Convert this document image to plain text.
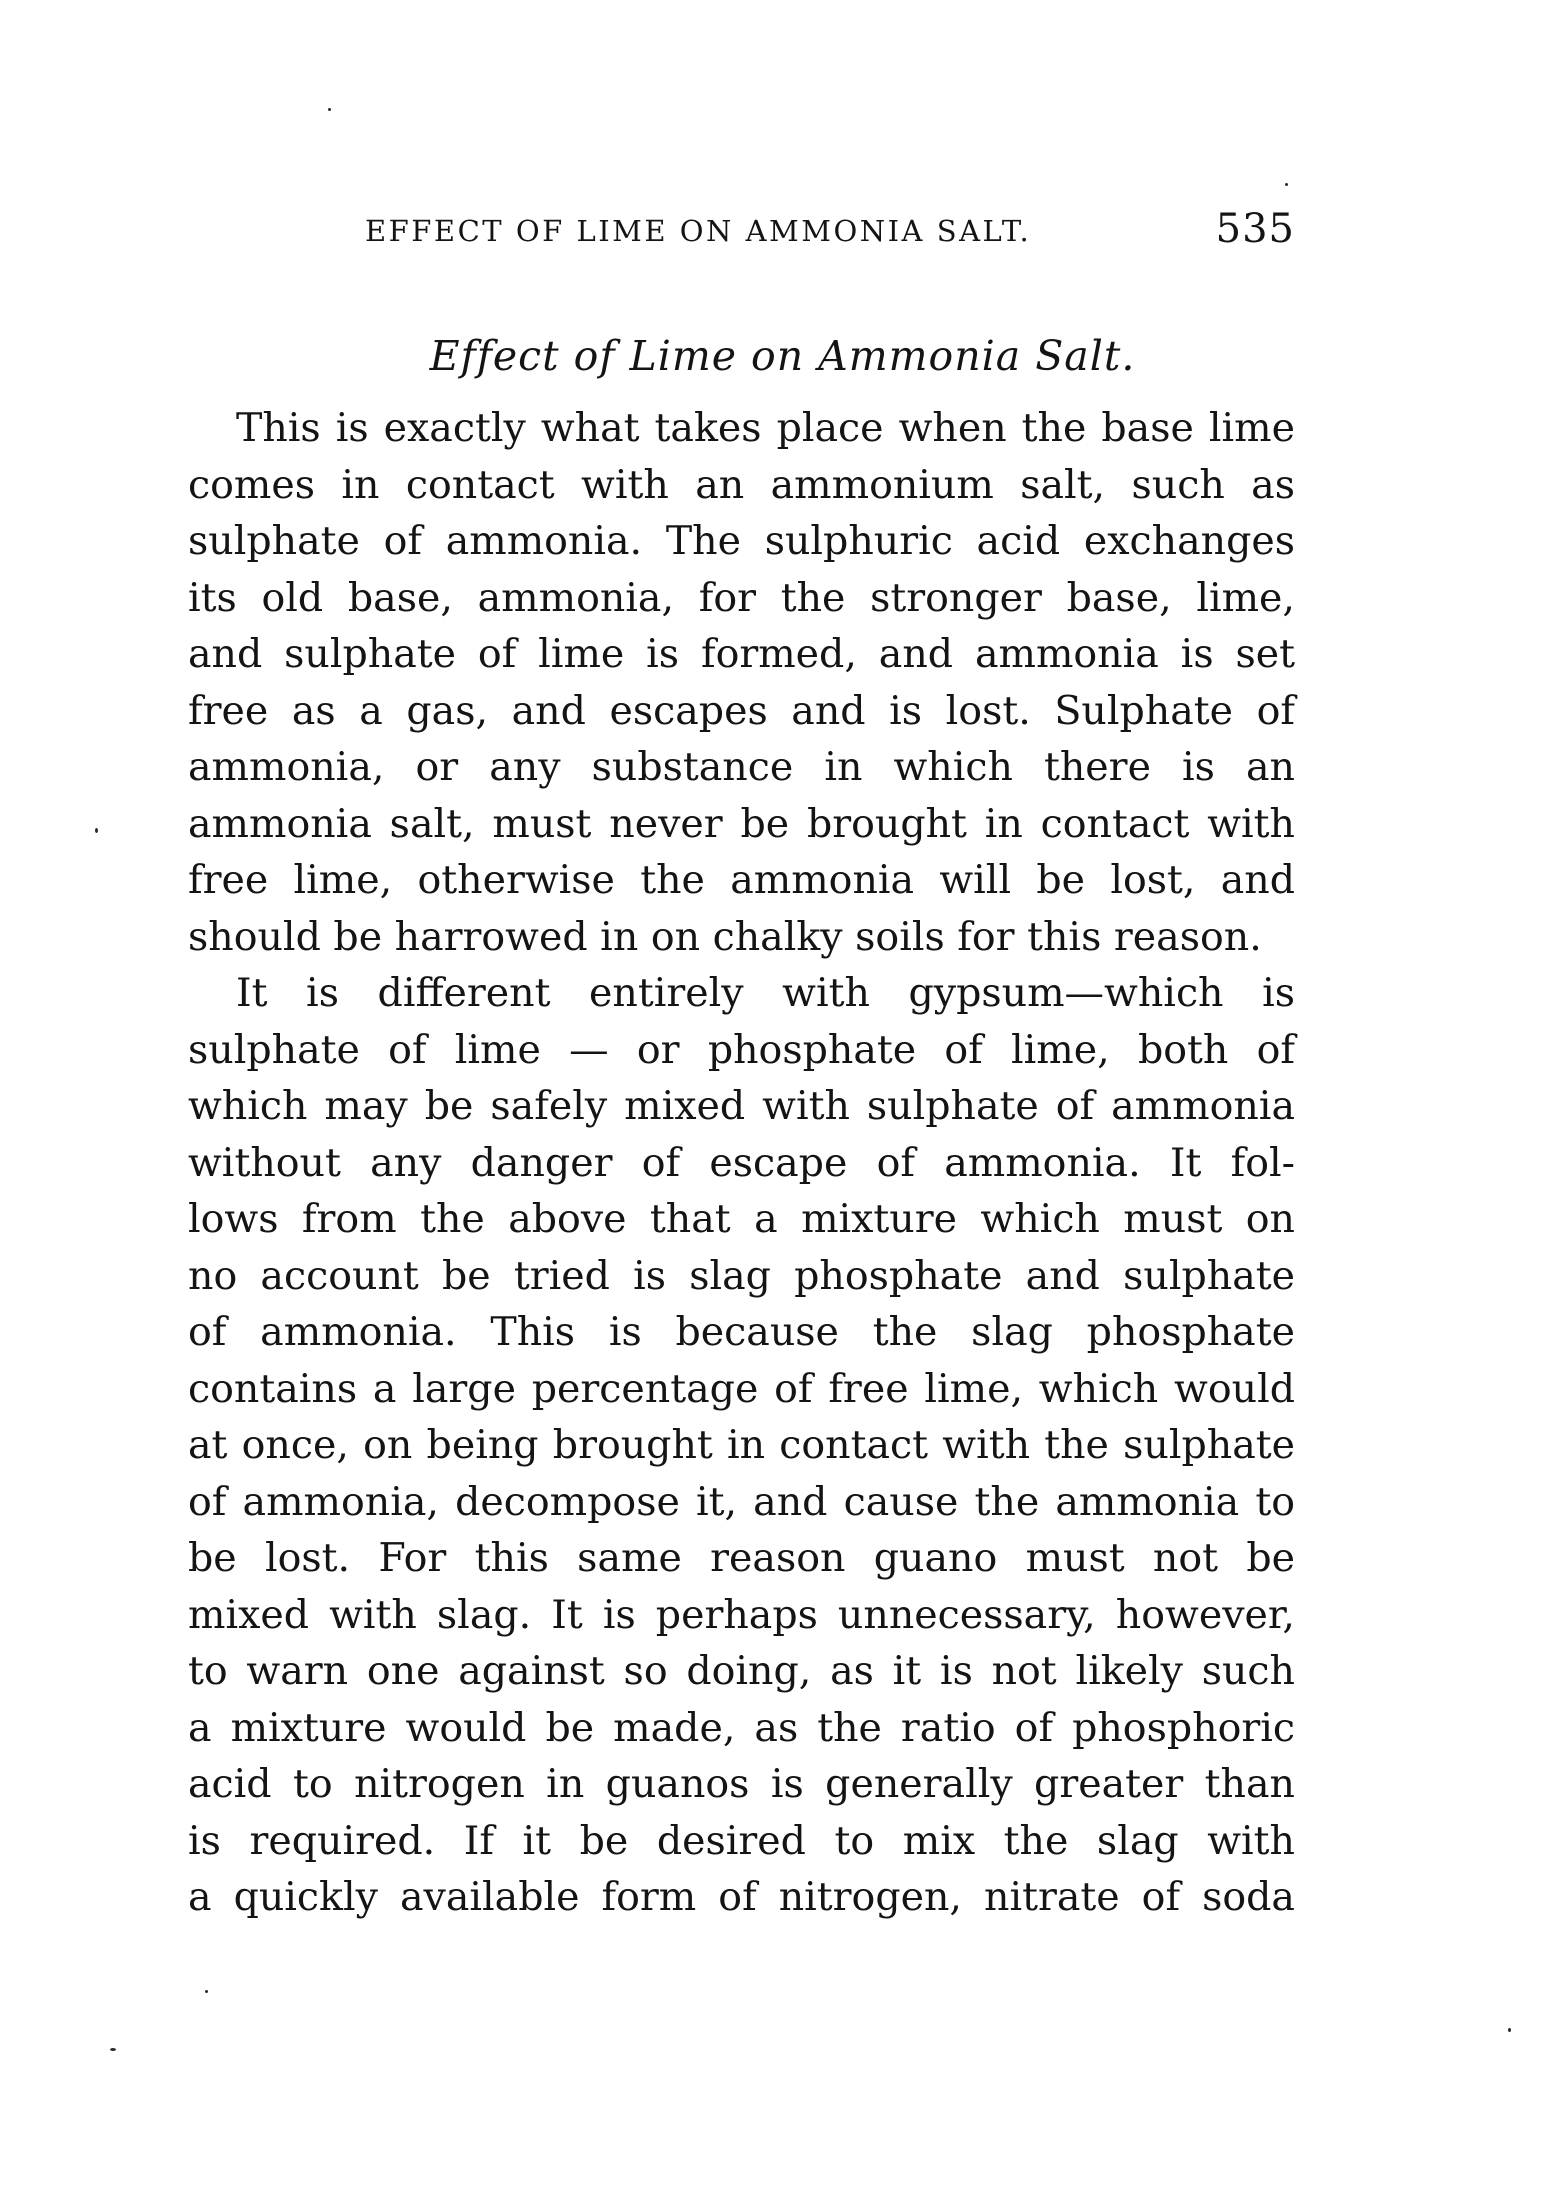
EFFECT OF LIME ON AMMONIA SALT.	535
Effect of Lime on Ammonia Salt.
This is exactly what takes place when the base lime
comes in contact with an ammonium salt, such as
sulphate of ammonia. The sulphuric acid exchanges
its old base, ammonia, for the stronger base, lime,
and sulphate of lime is formed, and ammonia is set
free as a gas, and escapes and is lost. Sulphate of
ammonia, or any substance in which there is an
ammonia salt, must never be brought in contact with
free lime, otherwise the ammonia will be lost, and
should be harrowed in on chalky soils for this reason.
It is different entirely with gypsum—which is
sulphate of lime — or phosphate of lime, both of
which may be safely mixed with sulphate of ammonia
without any danger of escape of ammonia. It fol-
lows from the above that a mixture which must on
no account be tried is slag phosphate and sulphate
of ammonia. This is because the slag phosphate
contains a large percentage of free lime, which would
at once, on being brought in contact with the sulphate
of ammonia, decompose it, and cause the ammonia to
be lost. For this same reason guano must not be
mixed with slag. It is perhaps unnecessary, however,
to warn one against so doing, as it is not likely such
a mixture would be made, as the ratio of phosphoric
acid to nitrogen in guanos is generally greater than
is required. If it be desired to mix the slag with
a quickly available form of nitrogen, nitrate of soda
